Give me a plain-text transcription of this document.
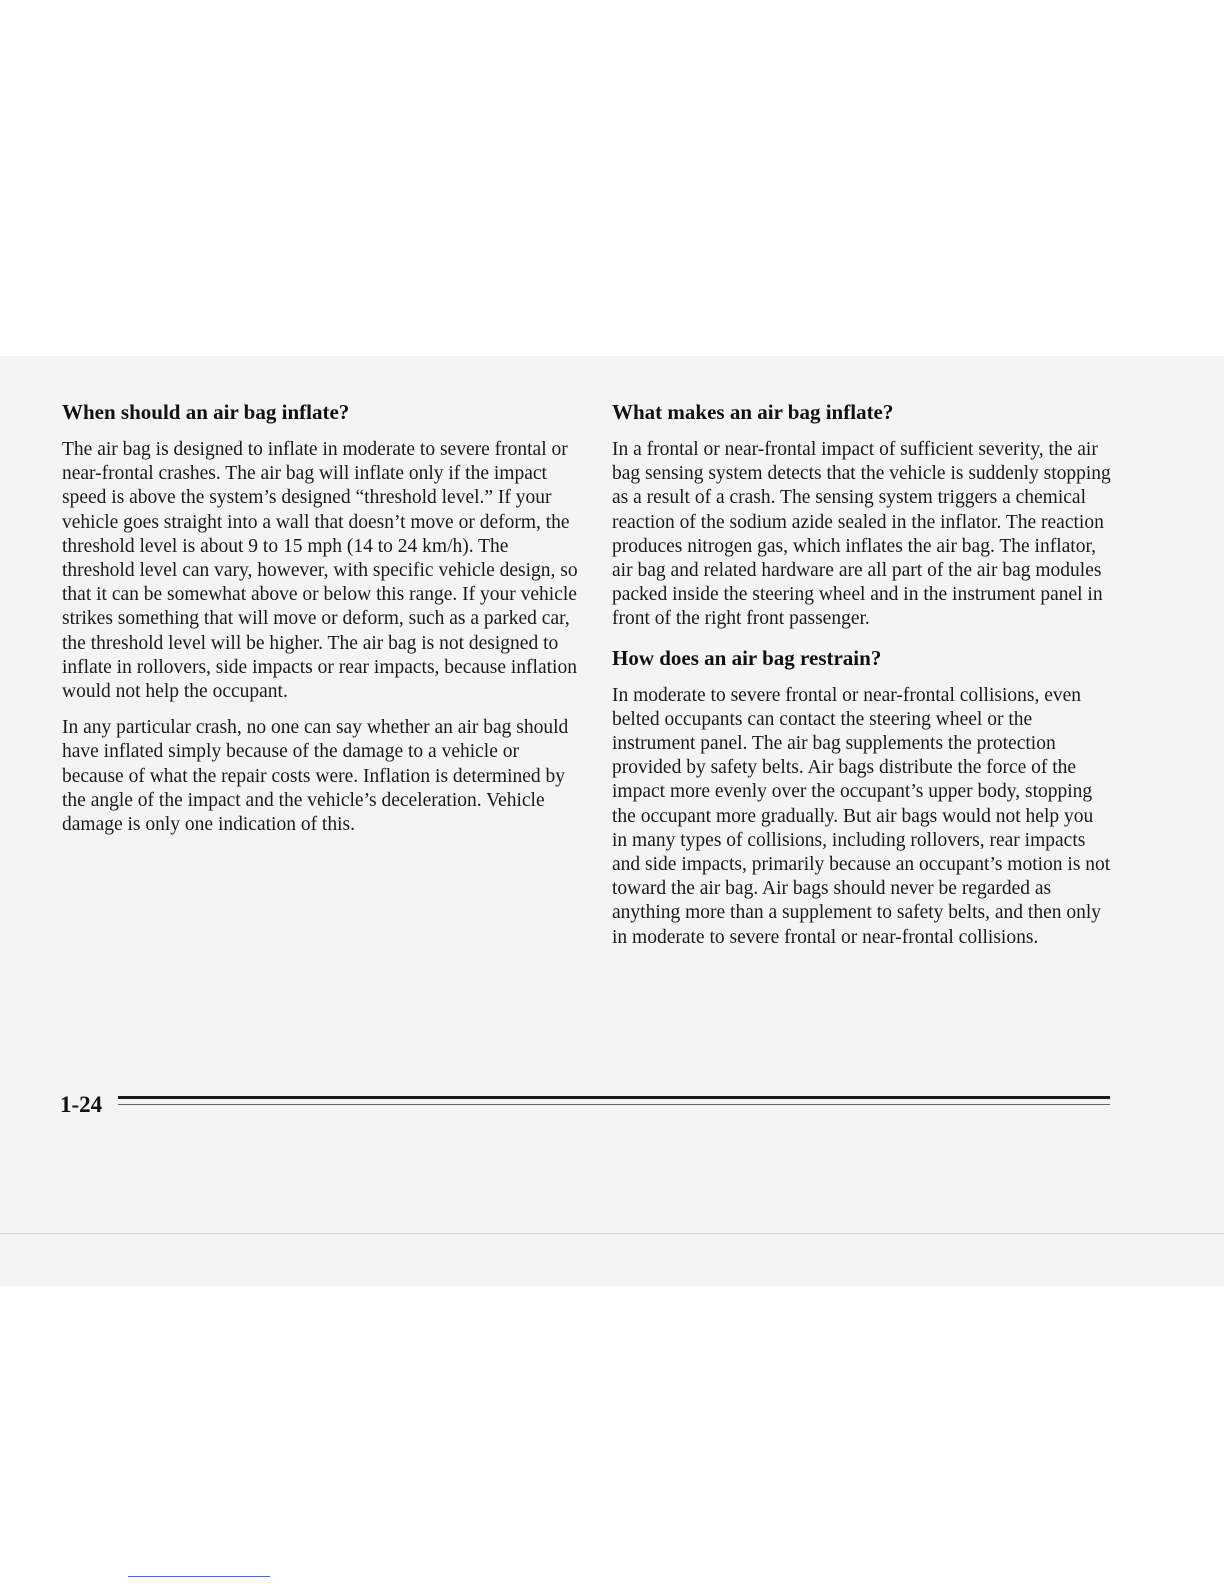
When should an air bag inflate?

The air bag is designed to inflate in moderate to severe frontal or near-frontal crashes. The air bag will inflate only if the impact speed is above the system’s designed “threshold level.” If your vehicle goes straight into a wall that doesn’t move or deform, the threshold level is about 9 to 15 mph (14 to 24 km/h). The threshold level can vary, however, with specific vehicle design, so that it can be somewhat above or below this range. If your vehicle strikes something that will move or deform, such as a parked car, the threshold level will be higher. The air bag is not designed to inflate in rollovers, side impacts or rear impacts, because inflation would not help the occupant.

In any particular crash, no one can say whether an air bag should have inflated simply because of the damage to a vehicle or because of what the repair costs were. Inflation is determined by the angle of the impact and the vehicle’s deceleration. Vehicle damage is only one indication of this.

What makes an air bag inflate?

In a frontal or near-frontal impact of sufficient severity, the air bag sensing system detects that the vehicle is suddenly stopping as a result of a crash. The sensing system triggers a chemical reaction of the sodium azide sealed in the inflator. The reaction produces nitrogen gas, which inflates the air bag. The inflator, air bag and related hardware are all part of the air bag modules packed inside the steering wheel and in the instrument panel in front of the right front passenger.

How does an air bag restrain?

In moderate to severe frontal or near-frontal collisions, even belted occupants can contact the steering wheel or the instrument panel. The air bag supplements the protection provided by safety belts. Air bags distribute the force of the impact more evenly over the occupant’s upper body, stopping the occupant more gradually. But air bags would not help you in many types of collisions, including rollovers, rear impacts and side impacts, primarily because an occupant’s motion is not toward the air bag. Air bags should never be regarded as anything more than a supplement to safety belts, and then only in moderate to severe frontal or near-frontal collisions.

1-24
